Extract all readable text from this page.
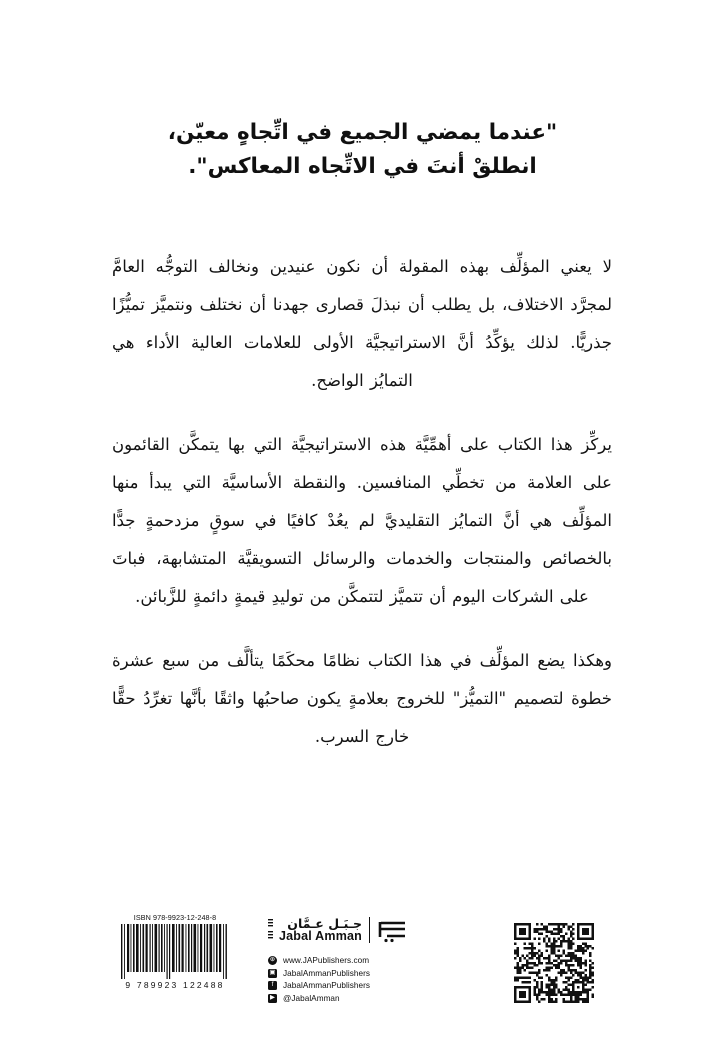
"عندما يمضي الجميع في اتِّجاهٍ معيّن،
انطلقْ أنتَ في الاتِّجاه المعاكس".

لا يعني المؤلِّف بهذه المقولة أن نكون عنيدين ونخالف التوجُّه العامَّ لمجرَّد الاختلاف، بل يطلب أن نبذلَ قصارى جهدنا أن نختلف ونتميَّز تميُّزًا جذريًّا. لذلك يؤكِّدُ أنَّ الاستراتيجيَّة الأولى للعلامات العالية الأداء هي التمايُز الواضح.

يركِّز هذا الكتاب على أهمِّيَّة هذه الاستراتيجيَّة التي بها يتمكَّن القائمون على العلامة من تخطِّي المنافسين. والنقطة الأساسيَّة التي يبدأ منها المؤلِّف هي أنَّ التمايُز التقليديَّ لم يعُدْ كافيًا في سوقٍ مزدحمةٍ جدًّا بالخصائص والمنتجات والخدمات والرسائل التسويقيَّة المتشابهة، فباتَ على الشركات اليوم أن تتميَّز لتتمكَّن من توليدِ قيمةٍ دائمةٍ للزَّبائن.

وهكذا يضع المؤلِّف في هذا الكتاب نظامًا محكَمًا يتألَّف من سبع عشرة خطوة لتصميم "التميُّز" للخروج بعلامةٍ يكون صاحبُها واثقًا بأنَّها تغرِّدُ حقًّا خارج السرب.

ISBN 978-9923-12-248-8
9 789923 122488
جـبَـل عـمَّان
Jabal Amman
⊕ www.JAPublishers.com
▣ JabalAmmanPublishers
f	JabalAmmanPublishers
▶ @JabalAmman
